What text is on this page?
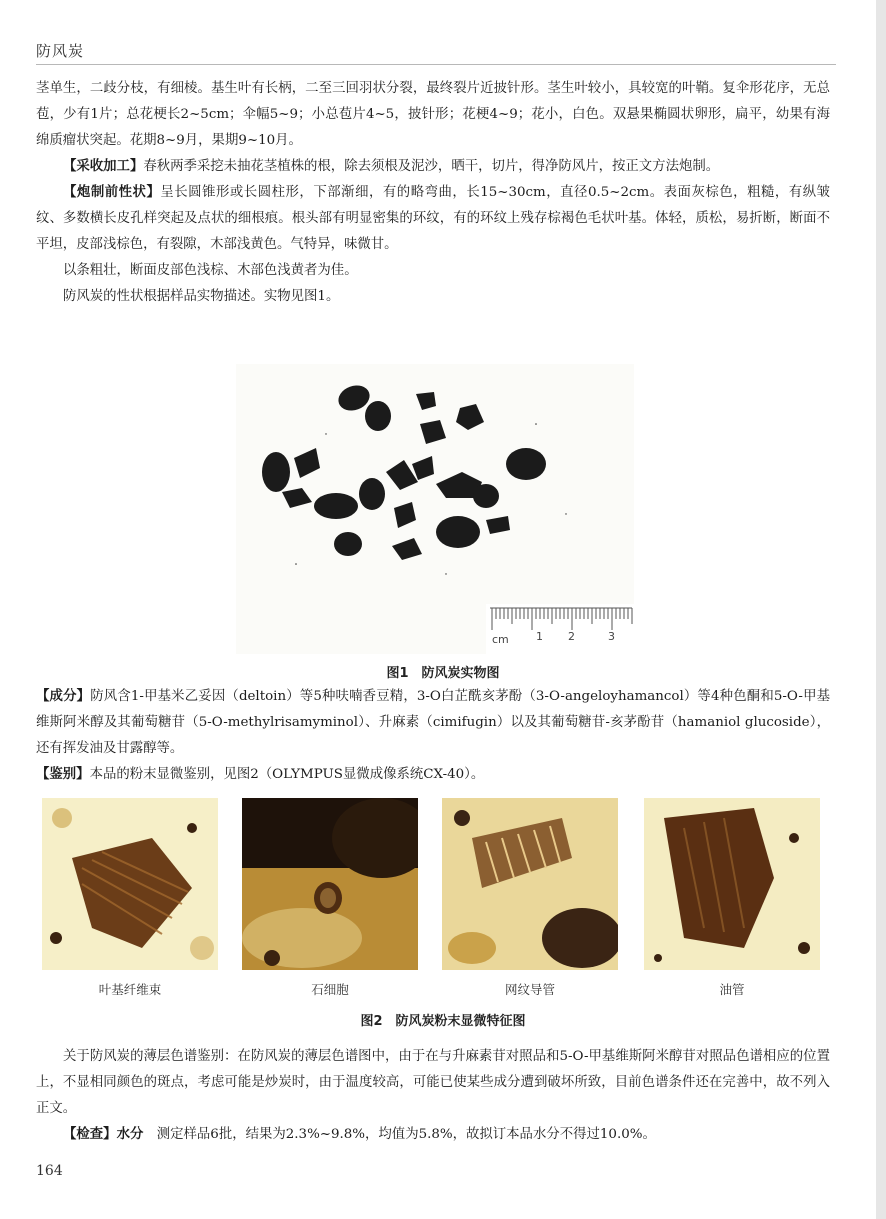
防风炭

茎单生，二歧分枝，有细棱。基生叶有长柄，二至三回羽状分裂，最终裂片近披针形。茎生叶较小，具较宽的叶鞘。复伞形花序，无总苞，少有1片；总花梗长2~5cm；伞幅5~9；小总苞片4~5，披针形；花梗4~9；花小，白色。双悬果椭圆状卵形，扁平，幼果有海绵质瘤状突起。花期8~9月，果期9~10月。

【采收加工】春秋两季采挖未抽花茎植株的根，除去须根及泥沙，晒干，切片，得净防风片，按正文方法炮制。

【炮制前性状】呈长圆锥形或长圆柱形，下部渐细，有的略弯曲，长15~30cm，直径0.5~2cm。表面灰棕色，粗糙，有纵皱纹、多数横长皮孔样突起及点状的细根痕。根头部有明显密集的环纹，有的环纹上残存棕褐色毛状叶基。体轻，质松，易折断，断面不平坦，皮部浅棕色，有裂隙，木部浅黄色。气特异，味微甘。

以条粗壮，断面皮部色浅棕、木部色浅黄者为佳。

防风炭的性状根据样品实物描述。实物见图1。

cm 1 2	3
图1　防风炭实物图

【成分】防风含1-甲基米乙妥因（deltoin）等5种呋喃香豆精，3-O白芷酰亥茅酚（3-O-angeloyhamancol）等4种色酮和5-O-甲基维斯阿米醇及其葡萄糖苷（5-O-methylrisamyminol）、升麻素（cimifugin）以及其葡萄糖苷-亥茅酚苷（hamaniol glucoside），还有挥发油及甘露醇等。

【鉴别】本品的粉末显微鉴别，见图2（OLYMPUS显微成像系统CX-40）。

叶基纤维束	石细胞	网纹导管	油管
图2　防风炭粉末显微特征图

关于防风炭的薄层色谱鉴别：在防风炭的薄层色谱图中，由于在与升麻素苷对照品和5-O-甲基维斯阿米醇苷对照品色谱相应的位置上，不显相同颜色的斑点，考虑可能是炒炭时，由于温度较高，可能已使某些成分遭到破坏所致，目前色谱条件还在完善中，故不列入正文。

【检查】水分　 测定样品6批，结果为2.3%~9.8%，均值为5.8%，故拟订本品水分不得过10.0%。

164
